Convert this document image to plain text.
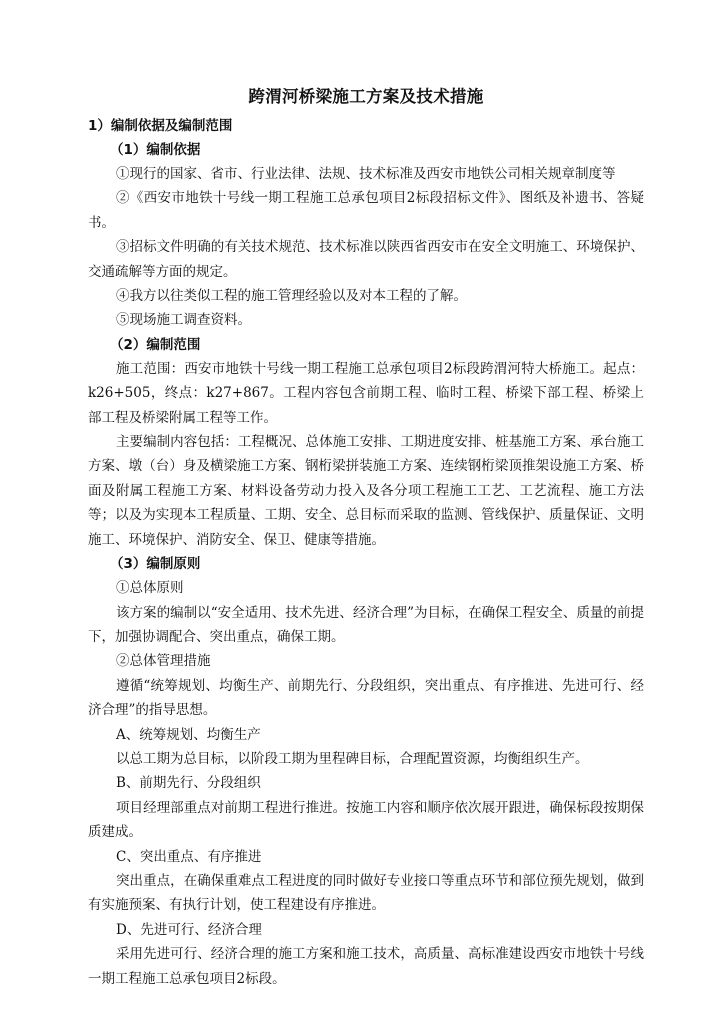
跨渭河桥梁施工方案及技术措施
1）编制依据及编制范围
（1）编制依据

①现行的国家、省市、行业法律、法规、技术标准及西安市地铁公司相关规章制度等

②《西安市地铁十号线一期工程施工总承包项目2标段招标文件》、图纸及补遗书、答疑书。

③招标文件明确的有关技术规范、技术标准以陕西省西安市在安全文明施工、环境保护、交通疏解等方面的规定。

④我方以往类似工程的施工管理经验以及对本工程的了解。

⑤现场施工调查资料。

（2）编制范围

施工范围：西安市地铁十号线一期工程施工总承包项目2标段跨渭河特大桥施工。起点：k26+505，终点：k27+867。工程内容包含前期工程、临时工程、桥梁下部工程、桥梁上部工程及桥梁附属工程等工作。

主要编制内容包括：工程概况、总体施工安排、工期进度安排、桩基施工方案、承台施工方案、墩（台）身及横梁施工方案、钢桁梁拼装施工方案、连续钢桁梁顶推架设施工方案、桥面及附属工程施工方案、材料设备劳动力投入及各分项工程施工工艺、工艺流程、施工方法等；以及为实现本工程质量、工期、安全、总目标而采取的监测、管线保护、质量保证、文明施工、环境保护、消防安全、保卫、健康等措施。

（3）编制原则

①总体原则

该方案的编制以“安全适用、技术先进、经济合理”为目标，在确保工程安全、质量的前提下，加强协调配合、突出重点，确保工期。

②总体管理措施

遵循“统筹规划、均衡生产、前期先行、分段组织，突出重点、有序推进、先进可行、经济合理”的指导思想。

A、统筹规划、均衡生产

以总工期为总目标，以阶段工期为里程碑目标，合理配置资源，均衡组织生产。

B、前期先行、分段组织

项目经理部重点对前期工程进行推进。按施工内容和顺序依次展开跟进，确保标段按期保质建成。

C、突出重点、有序推进

突出重点，在确保重难点工程进度的同时做好专业接口等重点环节和部位预先规划，做到有实施预案、有执行计划，使工程建设有序推进。

D、先进可行、经济合理

采用先进可行、经济合理的施工方案和施工技术，高质量、高标准建设西安市地铁十号线一期工程施工总承包项目2标段。
